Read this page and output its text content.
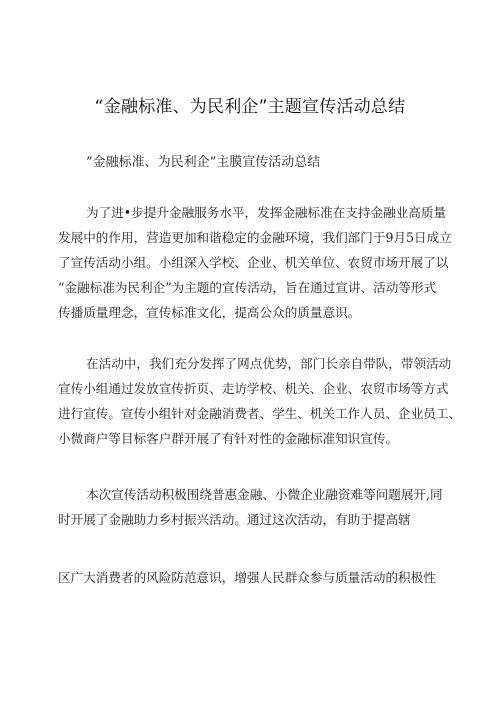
“金融标准、为民利企”主题宣传活动总结
”金融标准、为民利企”主膜宣传活动总结
为了进•步提升金融服务水平，发挥金融标准在支持金融业高质量
发展中的作用，营造更加和谐稳定的金融环境，我们部门于9月5日成立
了宣传活动小组。小组深入学校、企业、机关单位、农贸市场开展了以
“金融标准为民利企”为主题的宣传活动，旨在通过宣讲、活动等形式
传播质量理念，宣传标准文化，提高公众的质量意识。
在活动中，我们充分发挥了网点优势，部门长亲自带队，带领活动
宣传小组通过发放宣传折页、走访学校、机关、企业、农贸市场等方式
进行宣传。宣传小组针对金融消费者、学生、机关工作人员、企业员工、
小微商户等目标客户群开展了有针对性的金融标准知识宣传。
本次宣传活动积极围绕普惠金融、小微企业融资难等问题展开,同
时开展了金融助力乡村振兴活动。通过这次活动，有助于提高辖
区广大消费者的风险防范意识，增强人民群众参与质量活动的积极性
